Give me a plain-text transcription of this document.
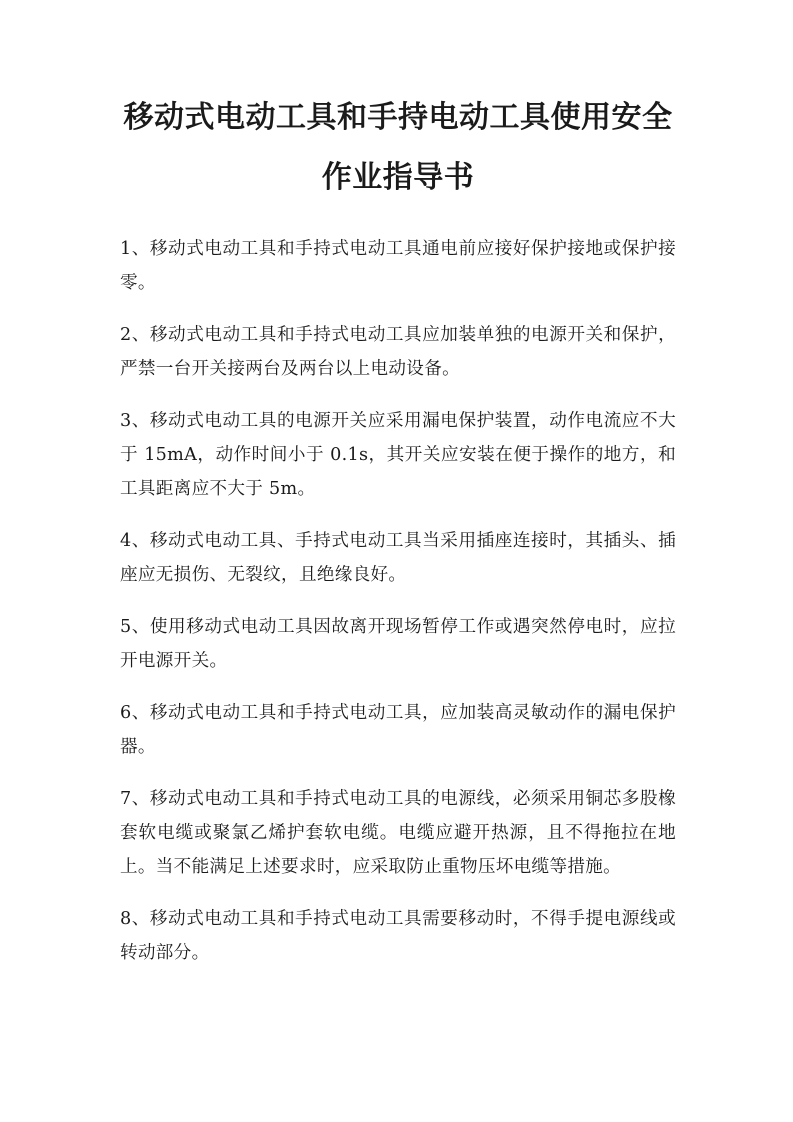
移动式电动工具和手持电动工具使用安全
作业指导书

1、移动式电动工具和手持式电动工具通电前应接好保护接地或保护接零。

2、移动式电动工具和手持式电动工具应加装单独的电源开关和保护，严禁一台开关接两台及两台以上电动设备。

3、移动式电动工具的电源开关应采用漏电保护装置，动作电流应不大于 15mA，动作时间小于 0.1s，其开关应安装在便于操作的地方，和工具距离应不大于 5m。

4、移动式电动工具、手持式电动工具当采用插座连接时，其插头、插座应无损伤、无裂纹，且绝缘良好。

5、使用移动式电动工具因故离开现场暂停工作或遇突然停电时，应拉开电源开关。

6、移动式电动工具和手持式电动工具，应加装高灵敏动作的漏电保护器。

7、移动式电动工具和手持式电动工具的电源线，必须采用铜芯多股橡套软电缆或聚氯乙烯护套软电缆。电缆应避开热源，且不得拖拉在地上。当不能满足上述要求时，应采取防止重物压坏电缆等措施。

8、移动式电动工具和手持式电动工具需要移动时，不得手提电源线或转动部分。
